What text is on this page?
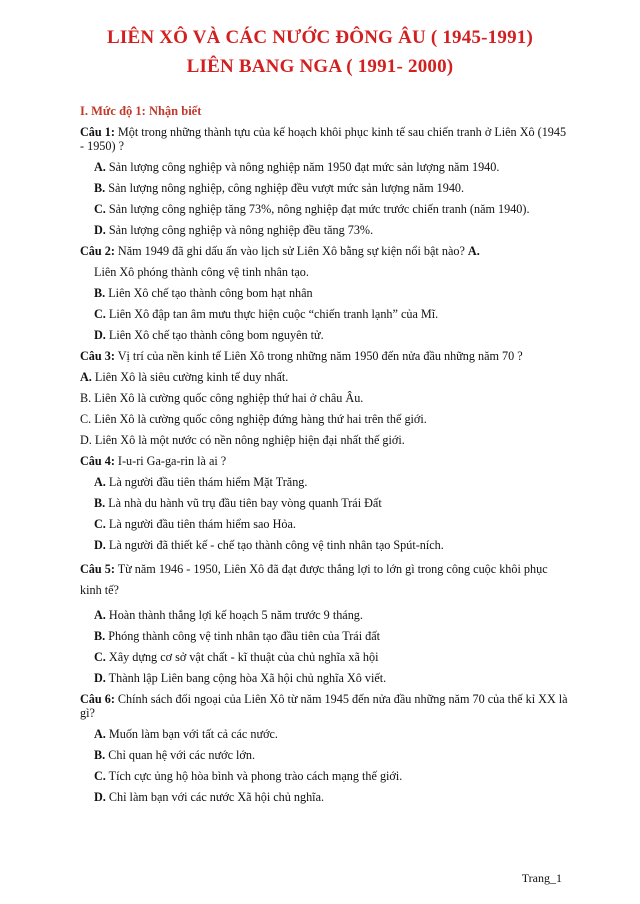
LIÊN XÔ VÀ CÁC NƯỚC ĐÔNG ÂU ( 1945-1991)
LIÊN BANG NGA ( 1991- 2000)
I. Mức độ 1: Nhận biết
Câu 1: Một trong những thành tựu của kế hoạch khôi phục kinh tế sau chiến tranh ở Liên Xô (1945 - 1950) ?
A. Sản lượng công nghiệp và nông nghiệp năm 1950 đạt mức sản lượng năm 1940.
B. Sản lượng nông nghiệp, công nghiệp đều vượt mức sản lượng năm 1940.
C. Sản lượng công nghiệp tăng 73%, nông nghiệp đạt mức trước chiến tranh (năm 1940).
D. Sản lượng công nghiệp và nông nghiệp đều tăng 73%.
Câu 2: Năm 1949 đã ghi dấu ấn vào lịch sử Liên Xô bằng sự kiện nổi bật nào? A.
Liên Xô phóng thành công vệ tinh nhân tạo.
B. Liên Xô chế tạo thành công bom hạt nhân
C. Liên Xô đập tan âm mưu thực hiện cuộc “chiến tranh lạnh” của Mĩ.
D. Liên Xô chế tạo thành công bom nguyên tử.
Câu 3: Vị trí của nền kinh tế Liên Xô trong những năm 1950 đến nửa đầu những năm 70 ?
A. Liên Xô là siêu cường kinh tế duy nhất.
B. Liên Xô là cường quốc công nghiệp thứ hai ở châu Âu.
C. Liên Xô là cường quốc công nghiệp đứng hàng thứ hai trên thế giới.
D. Liên Xô là một nước có nền nông nghiệp hiện đại nhất thế giới.
Câu 4: I-u-ri Ga-ga-rin là ai ?
A. Là người đầu tiên thám hiểm Mặt Trăng.
B. Là nhà du hành vũ trụ đầu tiên bay vòng quanh Trái Đất
C. Là người đầu tiên thám hiểm sao Hỏa.
D. Là người đã thiết kế - chế tạo thành công vệ tinh nhân tạo Spút-ních.
Câu 5: Từ năm 1946 - 1950, Liên Xô đã đạt được thắng lợi to lớn gì trong công cuộc khôi phục kinh tế?
A. Hoàn thành thắng lợi kế hoạch 5 năm trước 9 tháng.
B. Phóng thành công vệ tinh nhân tạo đầu tiên của Trái đất
C. Xây dựng cơ sở vật chất - kĩ thuật của chủ nghĩa xã hội
D. Thành lập Liên bang cộng hòa Xã hội chủ nghĩa Xô viết.
Câu 6: Chính sách đối ngoại của Liên Xô từ năm 1945 đến nửa đầu những năm 70 của thế kỉ XX là gì?
A. Muốn làm bạn với tất cả các nước.
B. Chỉ quan hệ với các nước lớn.
C. Tích cực ủng hộ hòa bình và phong trào cách mạng thế giới.
D. Chỉ làm bạn với các nước Xã hội chủ nghĩa.
Trang_1
